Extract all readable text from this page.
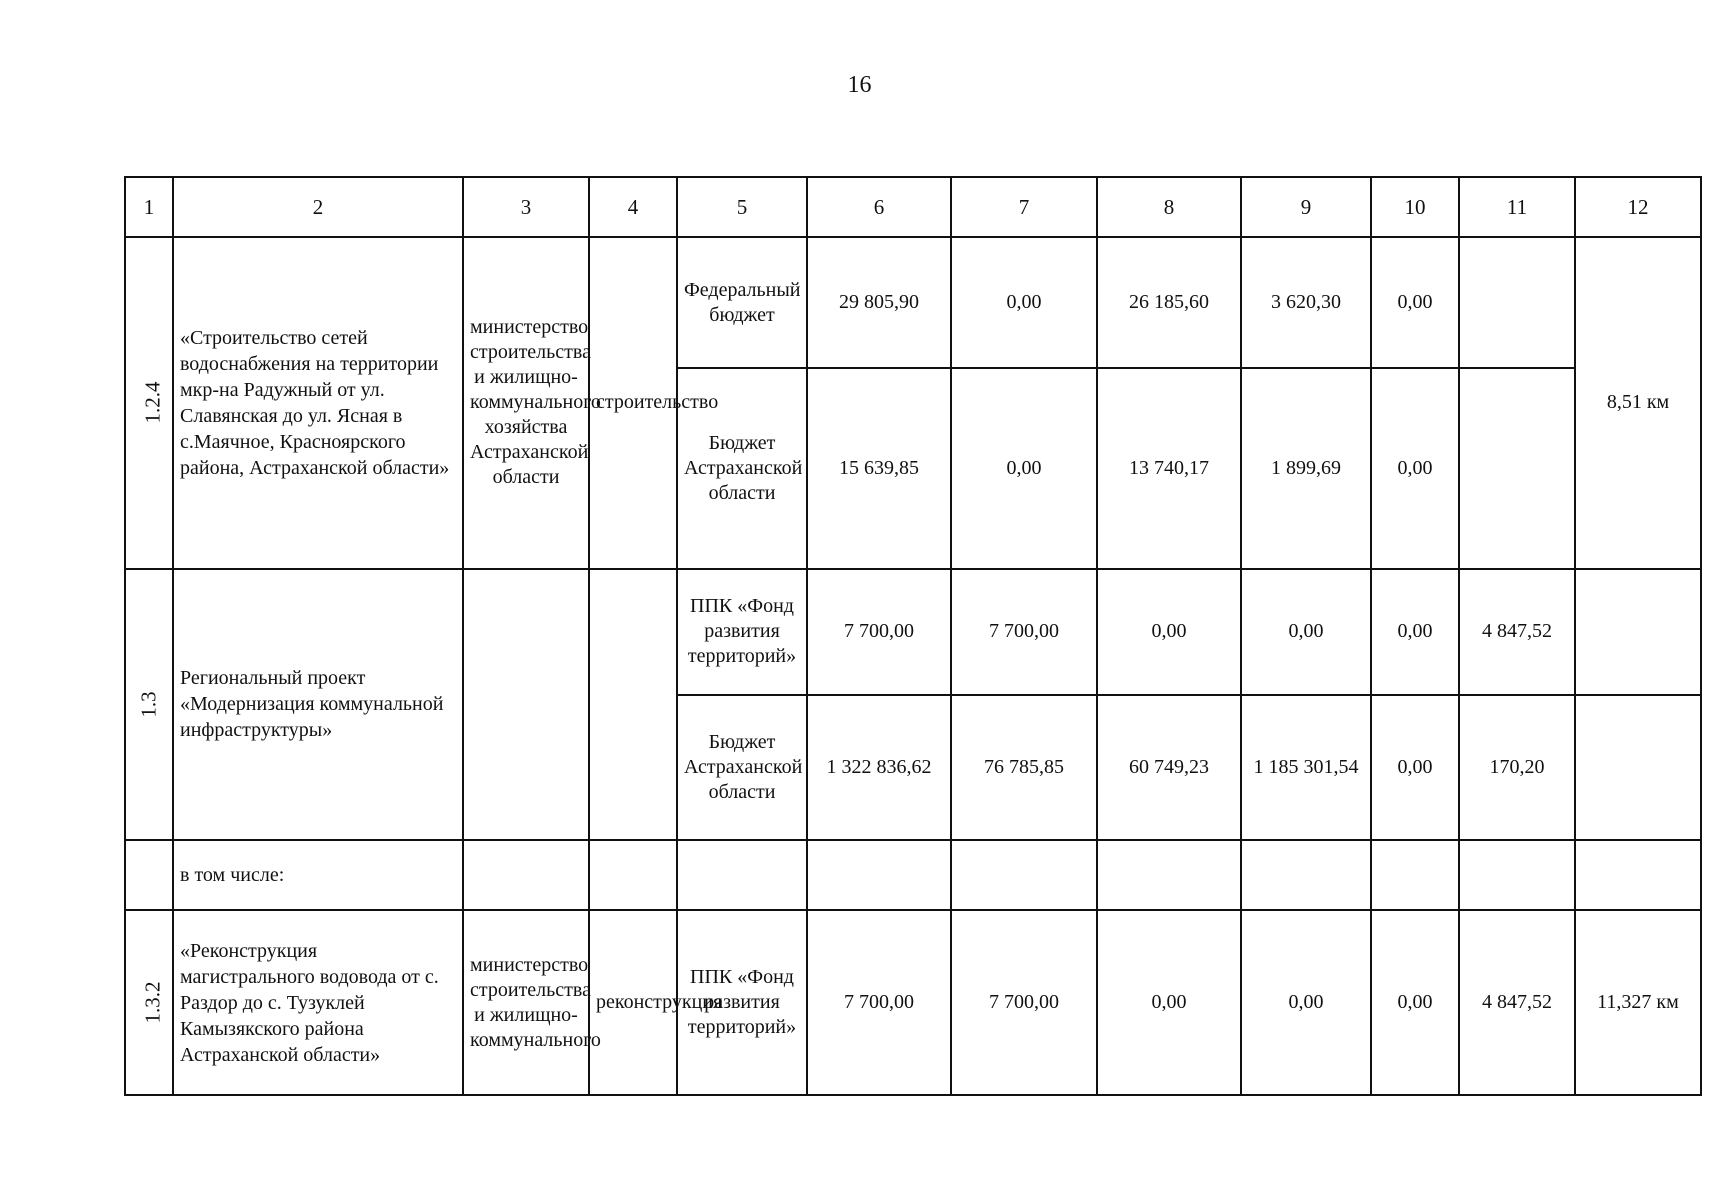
16
1	2	3	4	5	6	7	8	9	10	11	12
1.2.4	«Строительство сетей водоснабжения на территории мкр-на Радужный от ул. Славянская до ул. Ясная в с.Маячное, Красноярского района, Астраханской области»	министерство строительства и жилищно-коммунального хозяйства Астраханской области	строительство	Федеральный бюджет	29 805,90	0,00	26 185,60	3 620,30	0,00		8,51 км
				Бюджет Астраханской области	15 639,85	0,00	13 740,17	1 899,69	0,00		
1.3	Региональный проект «Модернизация коммунальной инфраструктуры»			ППК «Фонд развития территорий»	7 700,00	7 700,00	0,00	0,00	0,00	4 847,52	
				Бюджет Астраханской области	1 322 836,62	76 785,85	60 749,23	1 185 301,54	0,00	170,20	
	в том числе:										
1.3.2	«Реконструкция магистрального водовода от с. Раздор до с. Тузуклей Камызякского района Астраханской области»	министерство строительства и жилищно-коммунального	реконструкция	ППК «Фонд развития территорий»	7 700,00	7 700,00	0,00	0,00	0,00	4 847,52	11,327 км
